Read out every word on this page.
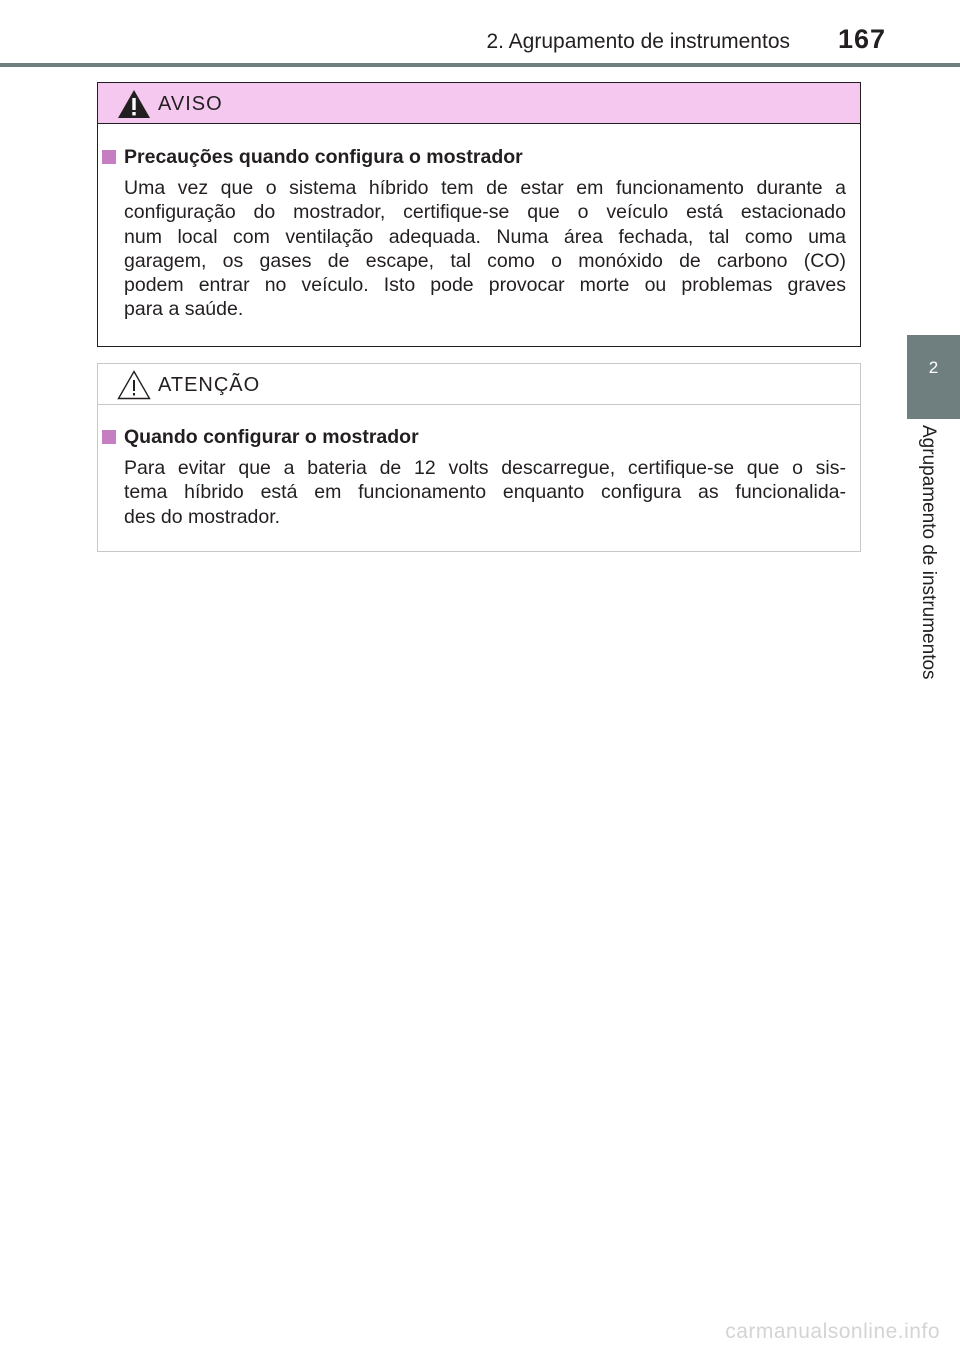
2. Agrupamento de instrumentos 167
2
Agrupamento de instrumentos
AVISO
Precauções quando configura o mostrador
Uma vez que o sistema híbrido tem de estar em funcionamento durante a
configuração do mostrador, certifique-se que o veículo está estacionado
num local com ventilação adequada. Numa área fechada, tal como uma
garagem, os gases de escape, tal como o monóxido de carbono (CO)
podem entrar no veículo. Isto pode provocar morte ou problemas graves
para a saúde.
ATENÇÃO
Quando configurar o mostrador
Para evitar que a bateria de 12 volts descarregue, certifique-se que o sis-
tema híbrido está em funcionamento enquanto configura as funcionalida-
des do mostrador.
carmanualsonline.info
